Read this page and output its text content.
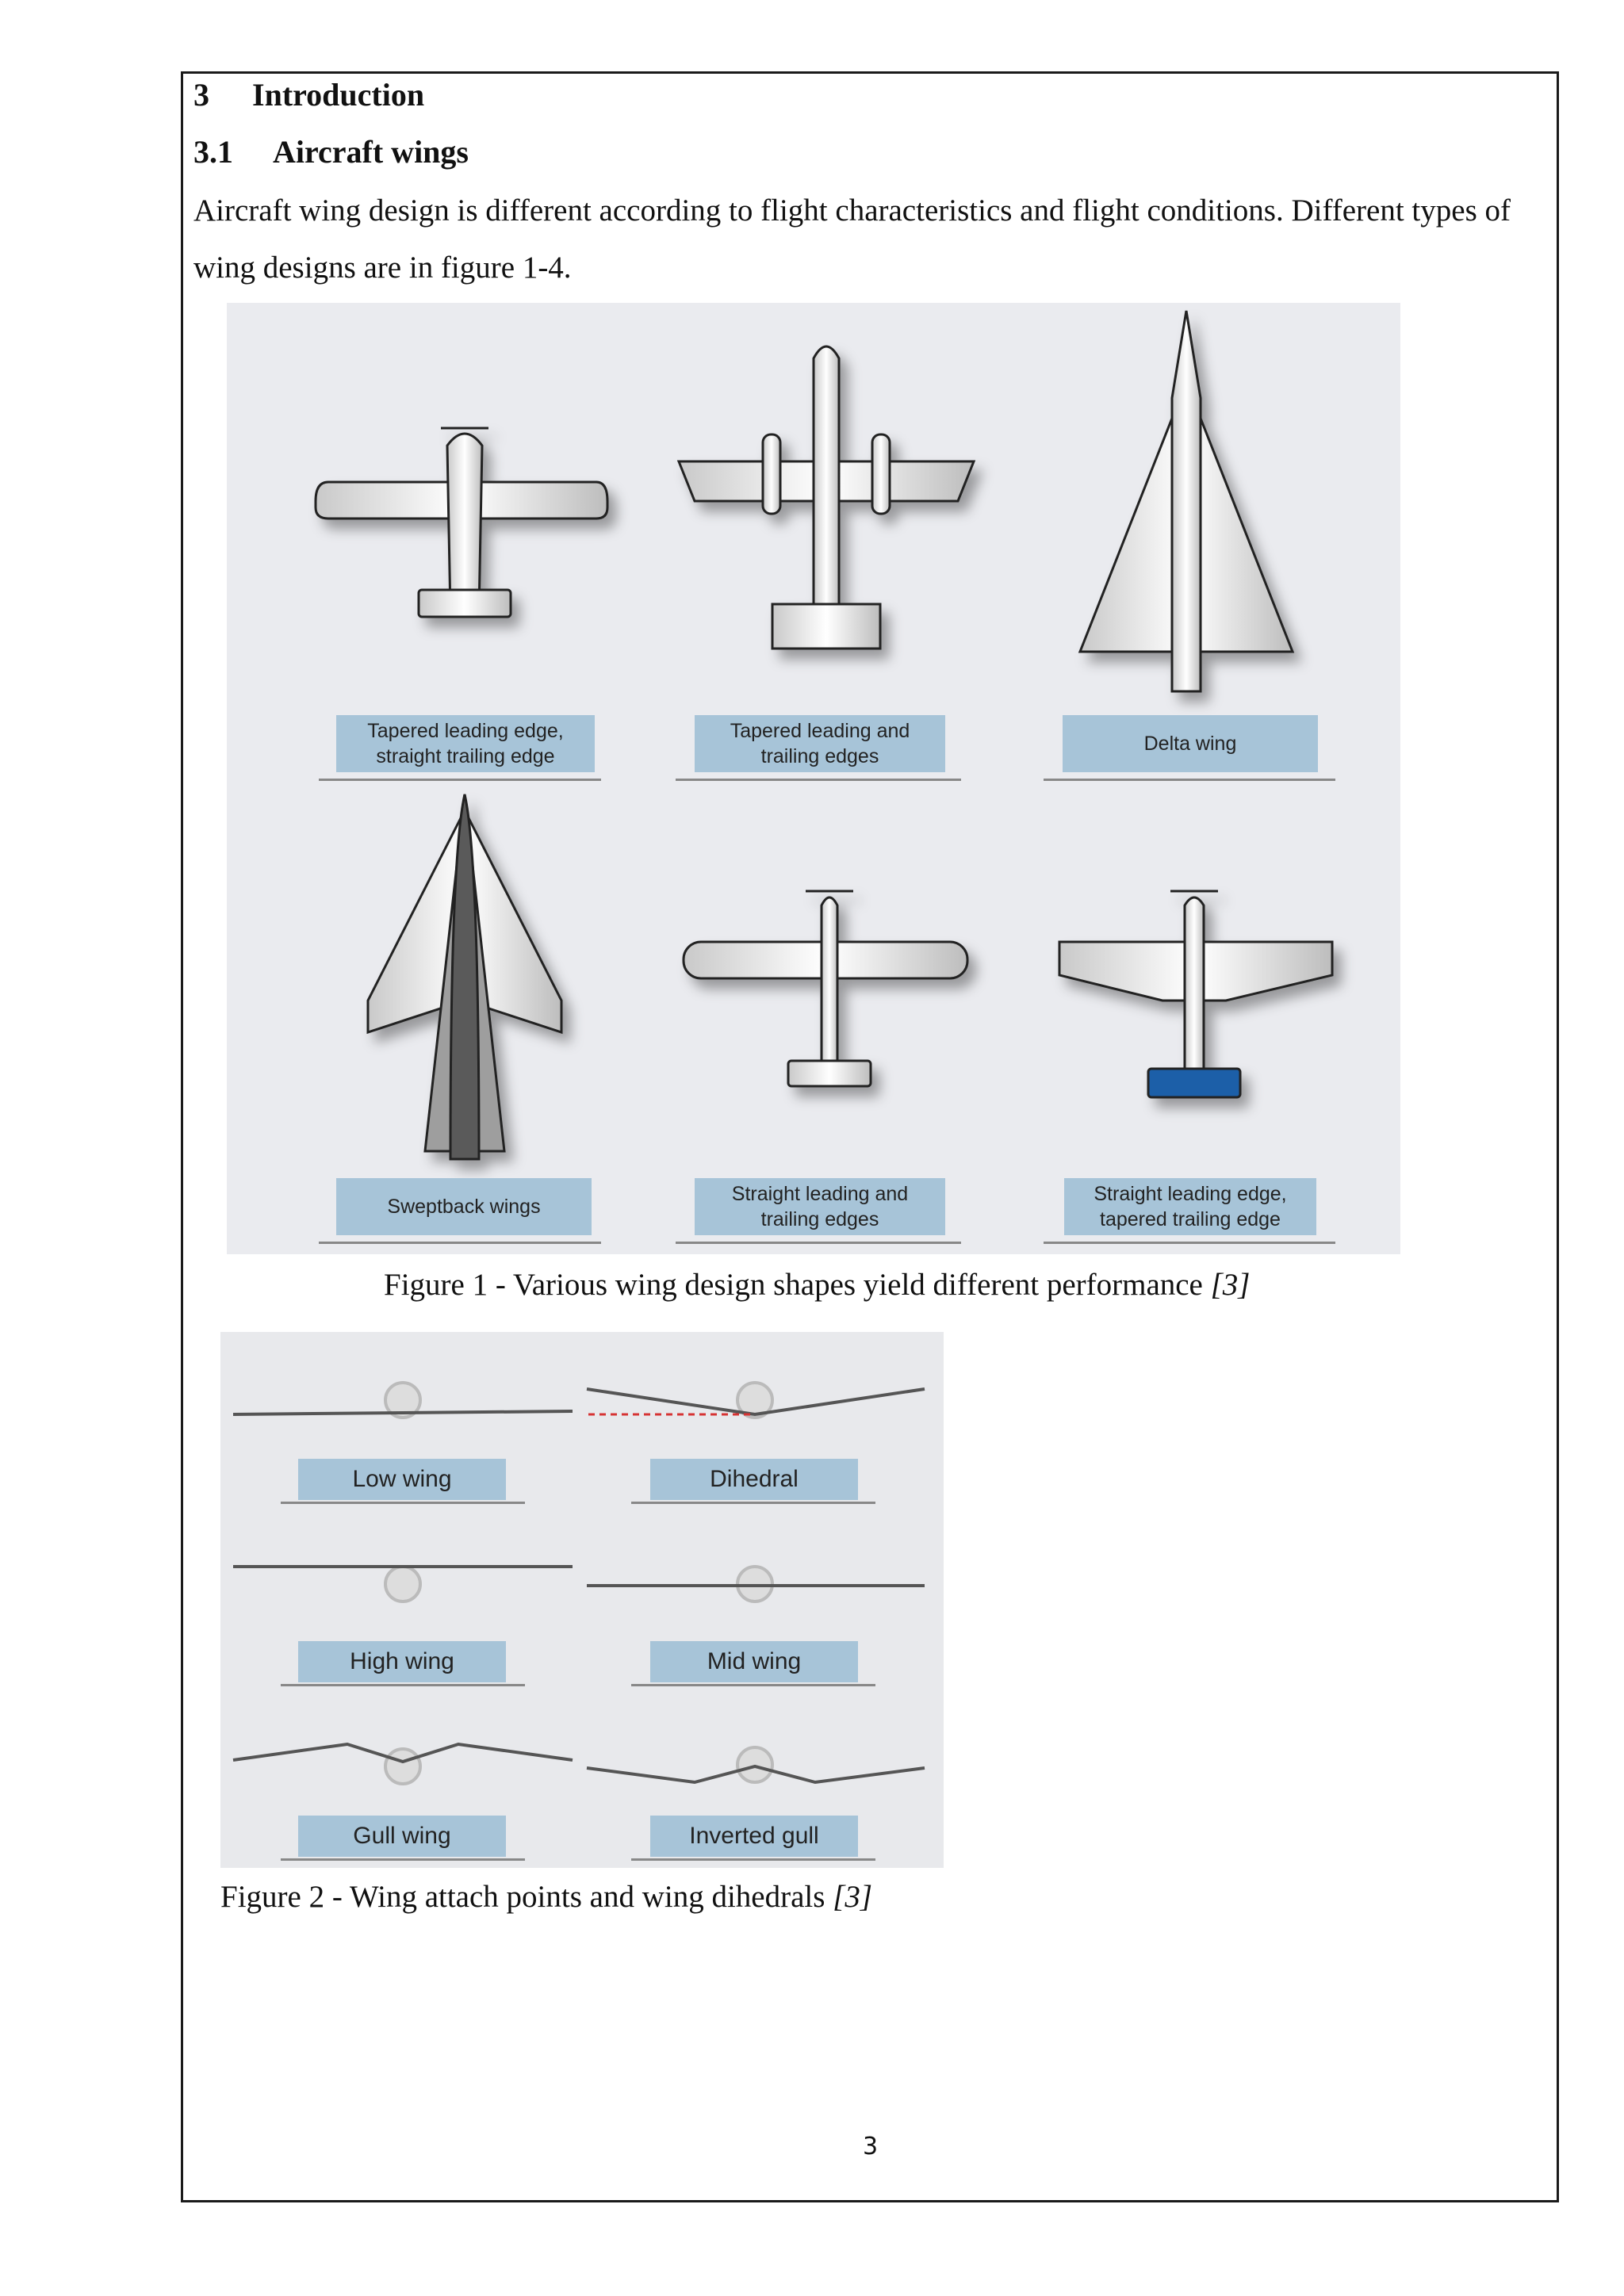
3 Introduction
3.1 Aircraft wings
Aircraft wing design is different according to flight characteristics and flight conditions. Different types of wing designs are in figure 1-4.
Tapered leading edge,
straight trailing edge
Tapered leading and
trailing edges
Delta wing
Sweptback wings
Straight leading and
trailing edges
Straight leading edge,
tapered trailing edge
Figure 1 - Various wing design shapes yield different performance [3]
Low wing	Dihedral
High wing	Mid wing
Gull wing	Inverted gull
Figure 2 - Wing attach points and wing dihedrals [3]
3
